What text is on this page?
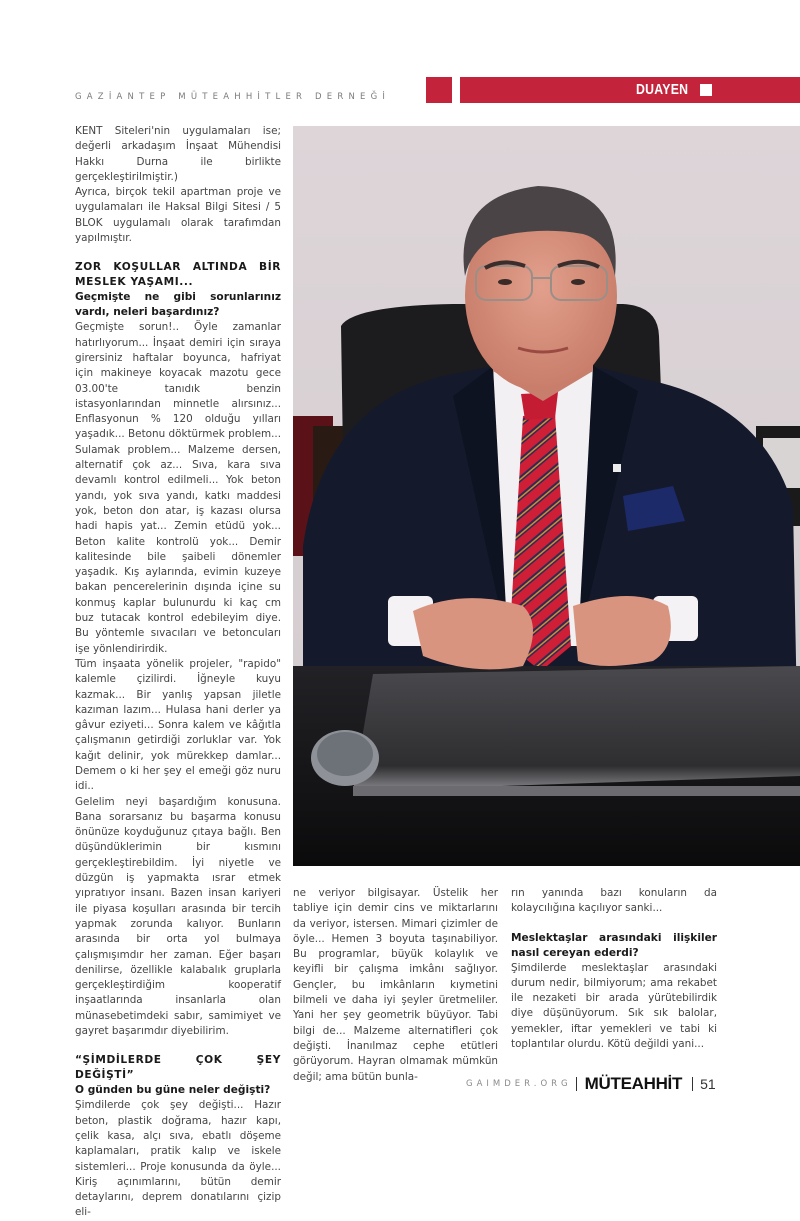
GAZİANTEP MÜTEAHHİTLER DERNEĞİ	DUAYEN

KENT Siteleri'nin uygulamaları ise; değerli arkadaşım İnşaat Mühendisi Hakkı Durna ile birlikte gerçekleştirilmiştir.)

Ayrıca, birçok tekil apartman proje ve uygulamaları ile Haksal Bilgi Sitesi / 5 BLOK uygulamalı olarak tarafımdan yapılmıştır.

ZOR KOŞULLAR ALTINDA BİR MESLEK YAŞAMI...
Geçmişte ne gibi sorunlarınız vardı, neleri başardınız?

Geçmişte sorun!.. Öyle zamanlar hatırlıyorum... İnşaat demiri için sıraya girersiniz haftalar boyunca, hafriyat için makineye koyacak mazotu gece 03.00'te tanıdık benzin istasyonlarından minnetle alırsınız... Enflasyonun % 120 olduğu yılları yaşadık... Betonu döktürmek problem... Sulamak problem... Malzeme dersen, alternatif çok az... Sıva, kara sıva devamlı kontrol edilmeli... Yok beton yandı, yok sıva yandı, katkı maddesi yok, beton don atar, iş kazası olursa hadi hapis yat... Zemin etüdü yok... Beton kalite kontrolü yok... Demir kalitesinde bile şaibeli dönemler yaşadık. Kış aylarında, evimin kuzeye bakan pencerelerinin dışında içine su konmuş kaplar bulunurdu ki kaç cm buz tutacak kontrol edebileyim diye. Bu yöntemle sıvacıları ve betoncuları işe yönlendirirdik.

Tüm inşaata yönelik projeler, "rapido" kalemle çizilirdi. İğneyle kuyu kazmak... Bir yanlış yapsan jiletle kazıman lazım... Hulasa hani derler ya gâvur eziyeti... Sonra kalem ve kâğıtla çalışmanın getirdiği zorluklar var. Yok kağıt delinir, yok mürekkep damlar... Demem o ki her şey el emeği göz nuru idi..

Gelelim neyi başardığım konusuna. Bana sorarsanız bu başarma konusu önünüze koyduğunuz çıtaya bağlı. Ben düşündüklerimin bir kısmını gerçekleştirebildim. İyi niyetle ve düzgün iş yapmakta ısrar etmek yıpratıyor insanı. Bazen insan kariyeri ile piyasa koşulları arasında bir tercih yapmak zorunda kalıyor. Bunların arasında bir orta yol bulmaya çalışmışımdır her zaman. Eğer başarı denilirse, özellikle kalabalık gruplarla gerçekleştirdiğim kooperatif inşaatlarında insanlarla olan münasebetimdeki sabır, samimiyet ve gayret başarımdır diyebilirim.

“ŞİMDİLERDE ÇOK ŞEY DEĞİŞTİ”
O günden bu güne neler değişti?

Şimdilerde çok şey değişti... Hazır beton, plastik doğrama, hazır kapı, çelik kasa, alçı sıva, ebatlı döşeme kaplamaları, pratik kalıp ve iskele sistemleri... Proje konusunda da öyle... Kiriş açınımlarını, bütün demir detaylarını, deprem donatılarını çizip eli-

ne veriyor bilgisayar. Üstelik her tabliye için demir cins ve miktarlarını da veriyor, istersen. Mimari çizimler de öyle... Hemen 3 boyuta taşınabiliyor. Bu programlar, büyük kolaylık ve keyifli bir çalışma imkânı sağlıyor. Gençler, bu imkânların kıymetini bilmeli ve daha iyi şeyler üretmeliler. Yani her şey geometrik büyüyor. Tabi bilgi de... Malzeme alternatifleri çok değişti. İnanılmaz cephe etütleri görüyorum. Hayran olmamak mümkün değil; ama bütün bunla-

rın yanında bazı konuların da kolaycılığına kaçılıyor sanki...

Meslektaşlar arasındaki ilişkiler nasıl cereyan ederdi?

Şimdilerde meslektaşlar arasındaki durum nedir, bilmiyorum; ama rekabet ile nezaketi bir arada yürütebilirdik diye düşünüyorum. Sık sık balolar, yemekler, iftar yemekleri ve tabi ki toplantılar olurdu. Kötü değildi yani...

GAIMDER.ORG MÜTEAHHİT 51
